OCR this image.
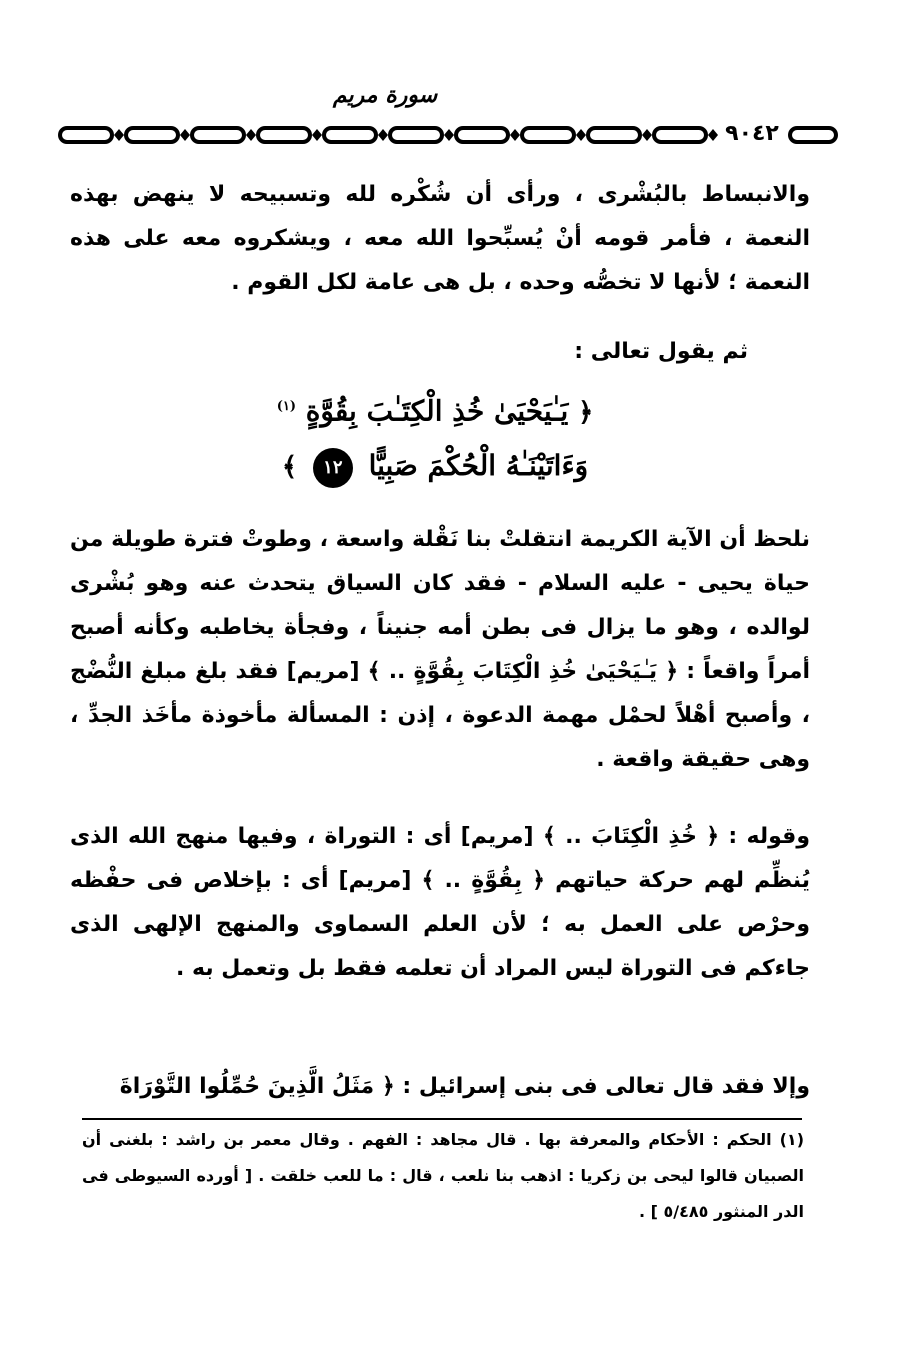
سورة مريم
٩٠٤٢
والانبساط بالبُشْرى ، ورأى أن شُكْره لله وتسبيحه لا ينهض بهذه النعمة ، فأمر قومه أنْ يُسبِّحوا الله معه ، ويشكروه معه على هذه النعمة ؛ لأنها لا تخصُّه وحده ، بل هى عامة لكل القوم .
ثم يقول تعالى :
﴿ يَـٰيَحْيَىٰ خُذِ الْكِتَـٰبَ بِقُوَّةٍ $^{(١)}$
وَءَاتَيْنَـٰهُ الْحُكْمَ صَبِيًّا ١٢ ﴾
نلحظ أن الآية الكريمة انتقلتْ بنا نَقْلة واسعة ، وطوتْ فترة طويلة من حياة يحيى - عليه السلام - فقد كان السياق يتحدث عنه وهو بُشْرى لوالده ، وهو ما يزال فى بطن أمه جنيناً ، وفجأة يخاطبه وكأنه أصبح أمراً واقعاً : ﴿ يَـٰيَحْيَىٰ خُذِ الْكِتَابَ بِقُوَّةٍ .. ﴾ [مريم] فقد بلغ مبلغ النُّضْج ، وأصبح أهْلاً لحمْل مهمة الدعوة ، إذن : المسألة مأخوذة مأخَذ الجدِّ ، وهى حقيقة واقعة .
وقوله : ﴿ خُذِ الْكِتَابَ .. ﴾ [مريم] أى : التوراة ، وفيها منهج الله الذى يُنظِّم لهم حركة حياتهم ﴿ بِقُوَّةٍ .. ﴾ [مريم] أى : بإخلاص فى حفْظه وحرْص على العمل به ؛ لأن العلم السماوى والمنهج الإلهى الذى جاءكم فى التوراة ليس المراد أن تعلمه فقط بل وتعمل به .
وإلا فقد قال تعالى فى بنى إسرائيل : ﴿ مَثَلُ الَّذِينَ حُمِّلُوا التَّوْرَاةَ
(١) الحكم : الأحكام والمعرفة بها . قال مجاهد : الفهم . وقال معمر بن راشد : بلغنى أن الصبيان قالوا ليحى بن زكريا : اذهب بنا نلعب ، قال : ما للعب خلقت . [ أورده السيوطى فى الدر المنثور ٥/٤٨٥ ] .
